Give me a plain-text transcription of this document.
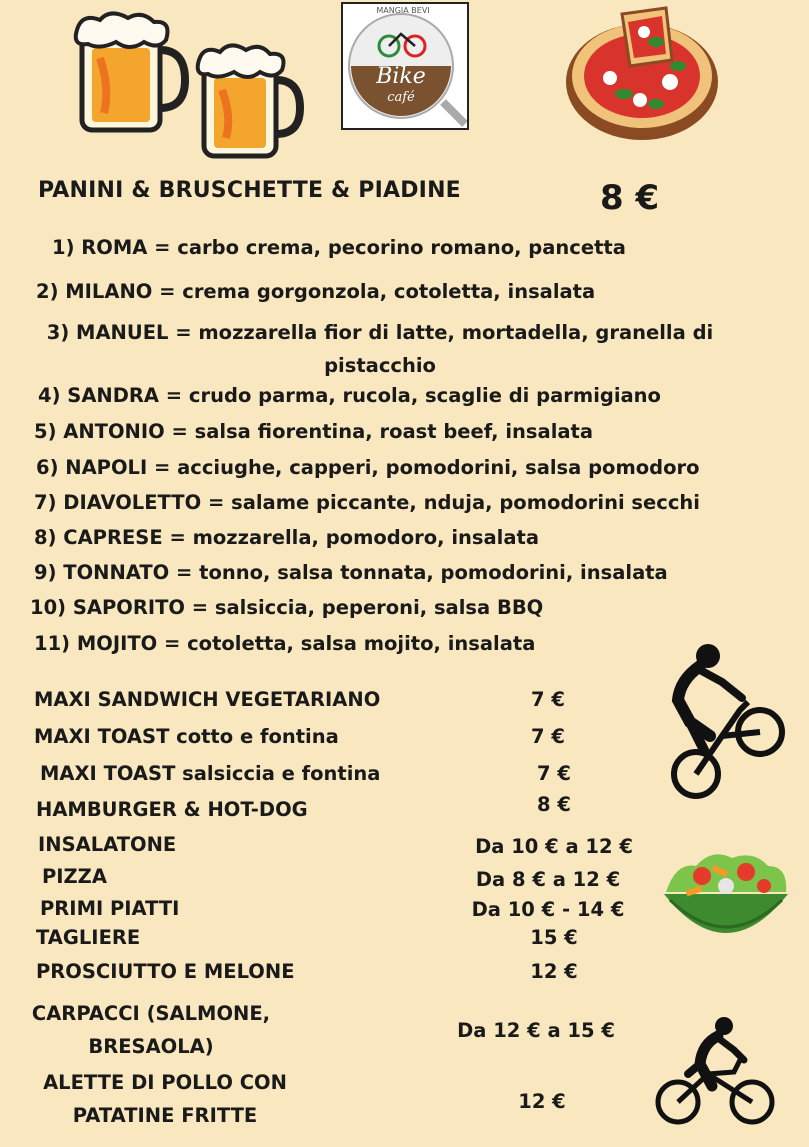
MANGIA BEVI
Bike
café
PANINI & BRUSCHETTE & PIADINE	8 €
1) ROMA = carbo crema, pecorino romano, pancetta
2) MILANO = crema gorgonzola, cotoletta, insalata
3) MANUEL = mozzarella fior di latte, mortadella, granella di pistacchio
4) SANDRA = crudo parma, rucola, scaglie di parmigiano
5) ANTONIO = salsa fiorentina, roast beef, insalata
6) NAPOLI = acciughe, capperi, pomodorini, salsa pomodoro
7) DIAVOLETTO = salame piccante, nduja, pomodorini secchi
8) CAPRESE = mozzarella, pomodoro, insalata
9) TONNATO = tonno, salsa tonnata, pomodorini, insalata
10) SAPORITO = salsiccia, peperoni, salsa BBQ
11) MOJITO = cotoletta, salsa mojito, insalata
MAXI SANDWICH VEGETARIANO	7 €
MAXI TOAST cotto e fontina	7 €
MAXI TOAST salsiccia e fontina	7 €
HAMBURGER & HOT-DOG	8 €
INSALATONE	Da 10 € a 12 €
PIZZA	Da 8 € a 12 €
PRIMI PIATTI	Da 10 € - 14 €
TAGLIERE	15 €
PROSCIUTTO E MELONE	12 €
CARPACCI (SALMONE, BRESAOLA)
Da 12 € a 15 €
ALETTE DI POLLO CON PATATINE FRITTE
12 €
